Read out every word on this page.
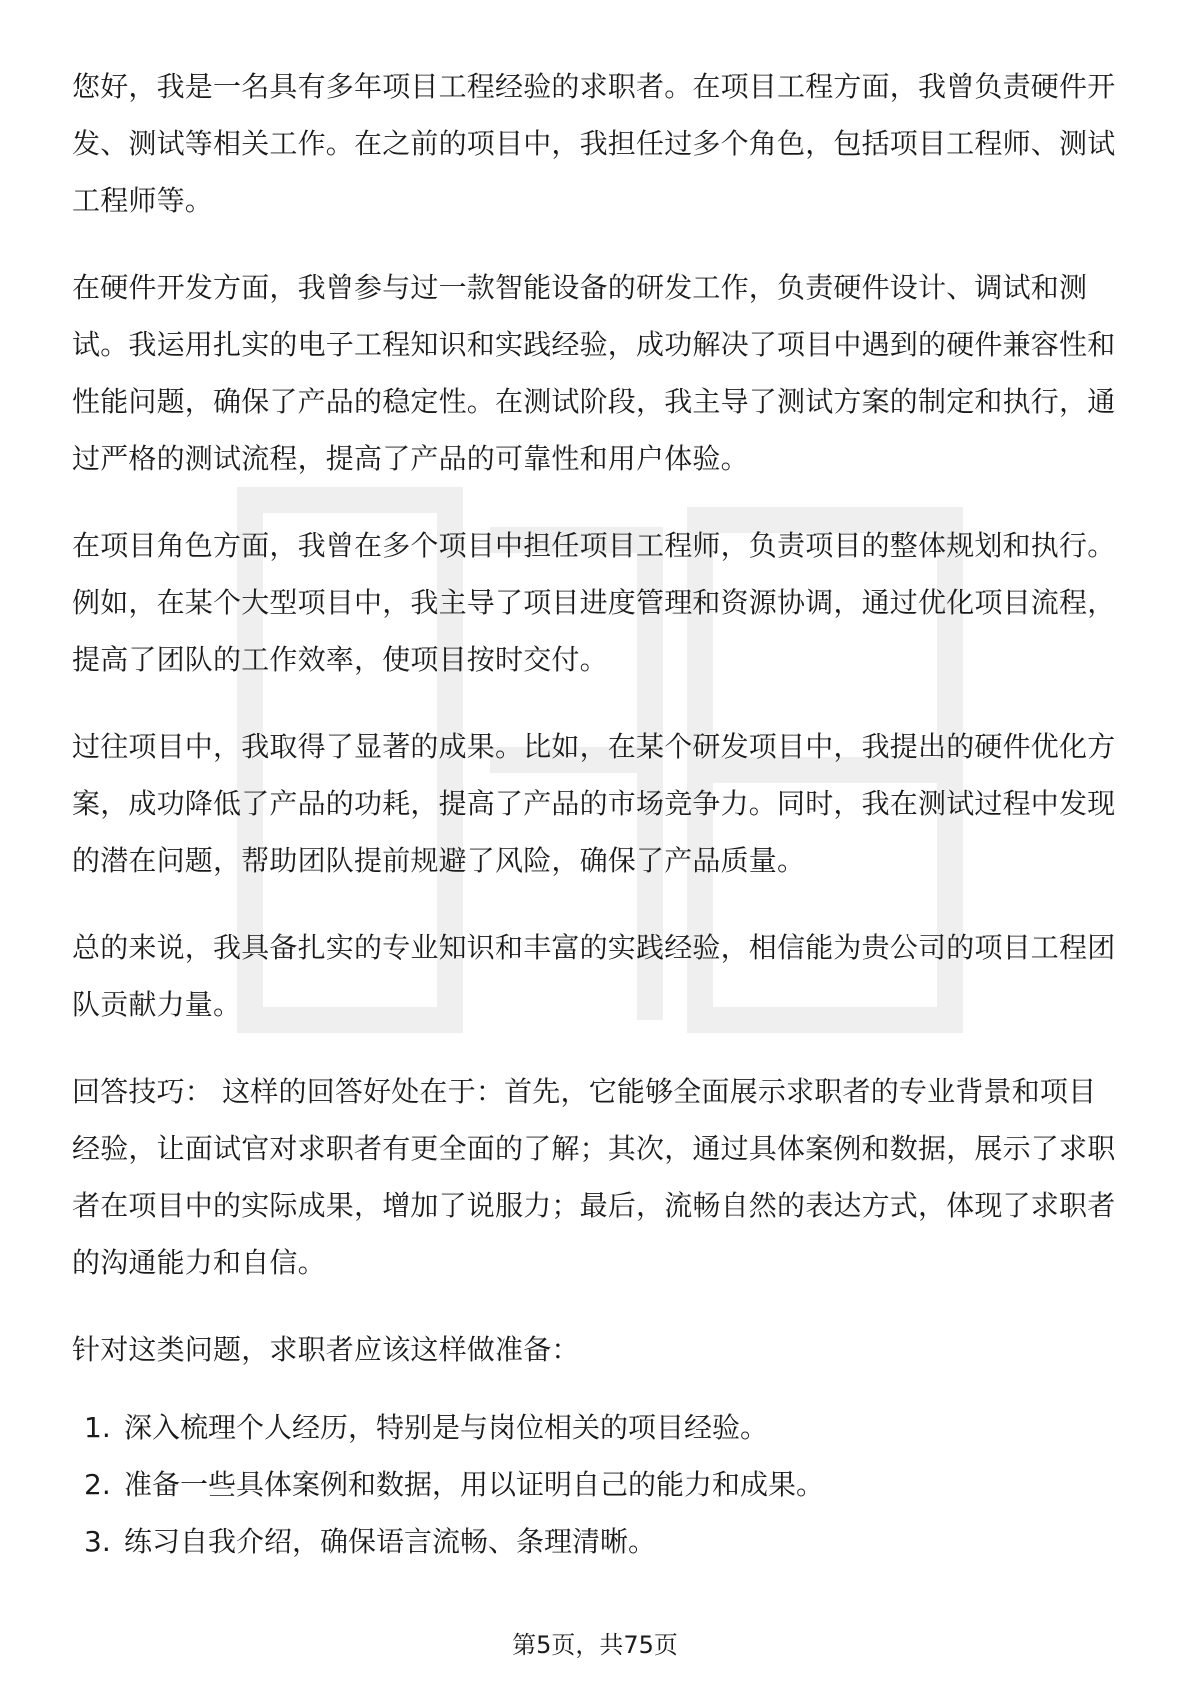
您好，我是一名具有多年项目工程经验的求职者。在项目工程方面，我曾负责硬件开发、测试等相关工作。在之前的项目中，我担任过多个角色，包括项目工程师、测试工程师等。

在硬件开发方面，我曾参与过一款智能设备的研发工作，负责硬件设计、调试和测试。我运用扎实的电子工程知识和实践经验，成功解决了项目中遇到的硬件兼容性和性能问题，确保了产品的稳定性。在测试阶段，我主导了测试方案的制定和执行，通过严格的测试流程，提高了产品的可靠性和用户体验。

在项目角色方面，我曾在多个项目中担任项目工程师，负责项目的整体规划和执行。例如，在某个大型项目中，我主导了项目进度管理和资源协调，通过优化项目流程，提高了团队的工作效率，使项目按时交付。

过往项目中，我取得了显著的成果。比如，在某个研发项目中，我提出的硬件优化方案，成功降低了产品的功耗，提高了产品的市场竞争力。同时，我在测试过程中发现的潜在问题，帮助团队提前规避了风险，确保了产品质量。

总的来说，我具备扎实的专业知识和丰富的实践经验，相信能为贵公司的项目工程团队贡献力量。

回答技巧： 这样的回答好处在于：首先，它能够全面展示求职者的专业背景和项目经验，让面试官对求职者有更全面的了解；其次，通过具体案例和数据，展示了求职者在项目中的实际成果，增加了说服力；最后，流畅自然的表达方式，体现了求职者的沟通能力和自信。

针对这类问题，求职者应该这样做准备：

1. 深入梳理个人经历，特别是与岗位相关的项目经验。
2. 准备一些具体案例和数据，用以证明自己的能力和成果。
3. 练习自我介绍，确保语言流畅、条理清晰。
第5页，共75页
